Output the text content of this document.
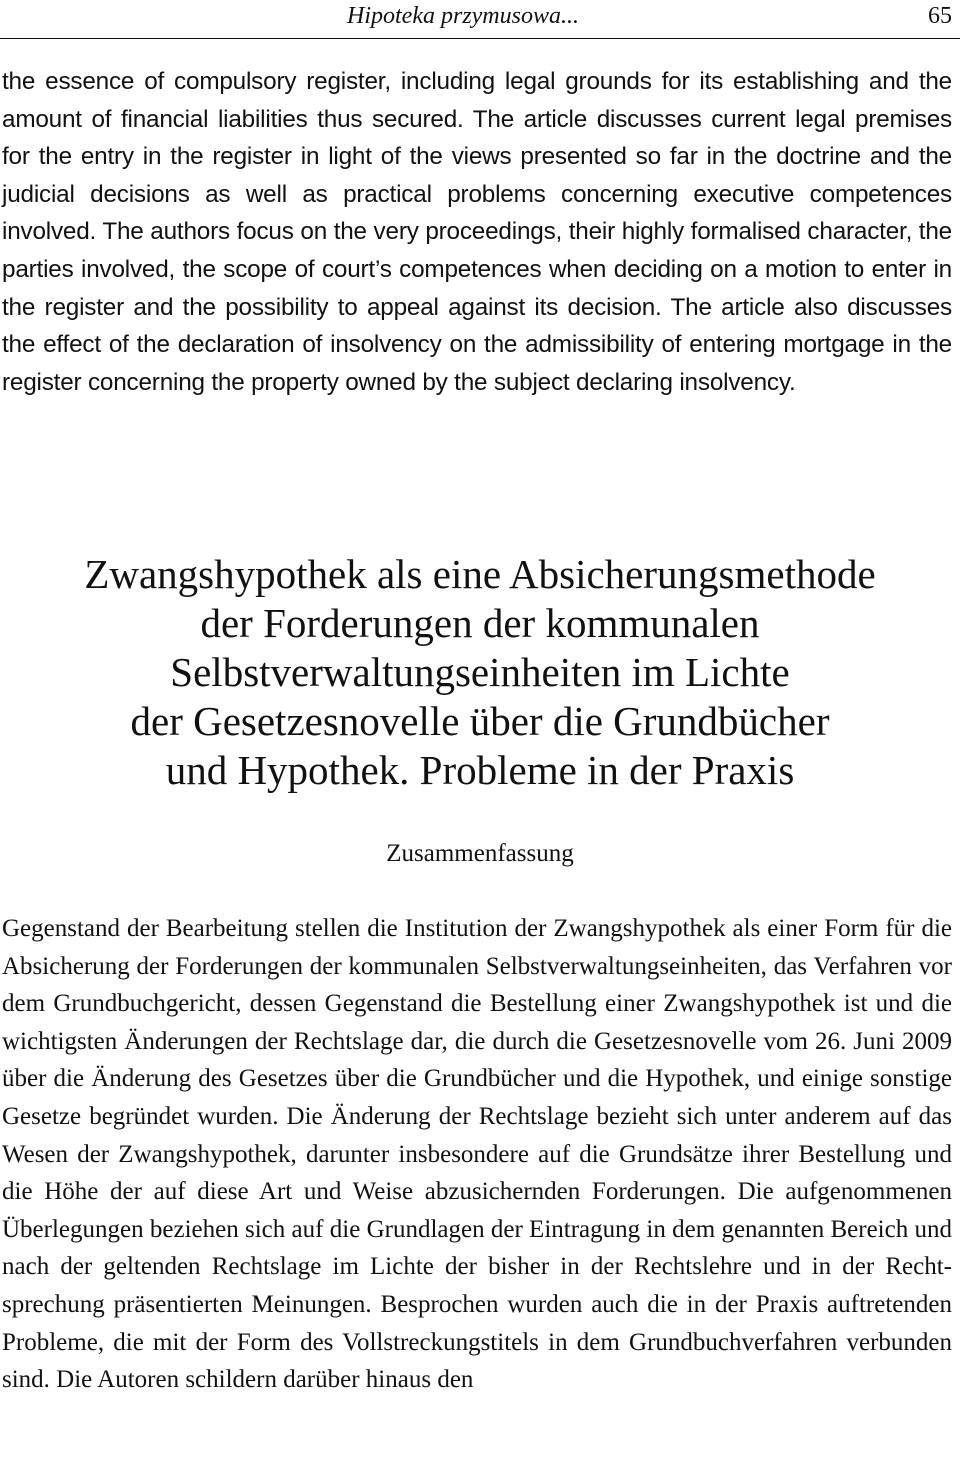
Hipoteka przymusowa...	65

the essence of compulsory register, including legal grounds for its establishing and the amount of financial liabilities thus secured. The article discusses current legal premises for the entry in the register in light of the views presented so far in the doctrine and the judicial decisions as well as practical problems concerning executive competences involved. The authors focus on the very proceedings, their highly formalised character, the parties involved, the scope of court’s competences when deciding on a motion to enter in the register and the possibility to appeal against its decision. The article also discusses the effect of the declaration of insolvency on the admissibility of entering mortgage in the register concerning the property owned by the subject declaring insolvency.

Zwangshypothek als eine Absicherungsmethode
der Forderungen der kommunalen
Selbstverwaltungseinheiten im Lichte
der Gesetzesnovelle über die Grundbücher
und Hypothek. Probleme in der Praxis
Zusammenfassung

Gegenstand der Bearbeitung stellen die Institution der Zwangshypothek als einer Form für die Absicherung der Forderungen der kommunalen Selbstverwaltungseinheiten, das Verfahren vor dem Grundbuchgericht, dessen Gegenstand die Bestellung einer Zwangshypothek ist und die wichtigsten Änderungen der Rechtslage dar, die durch die Gesetzesnovelle vom 26. Juni 2009 über die Änderung des Gesetzes über die Grundbücher und die Hypothek, und einige sonstige Gesetze begründet wurden. Die Änderung der Rechtslage bezieht sich unter anderem auf das Wesen der Zwangshypothek, darunter insbesondere auf die Grundsätze ihrer Bestellung und die Höhe der auf diese Art und Weise abzusichernden Forderungen. Die aufgenommenen Überlegungen beziehen sich auf die Grundlagen der Eintragung in dem genannten Bereich und nach der geltenden Rechtslage im Lichte der bisher in der Rechtslehre und in der Rechtsprechung präsentierten Meinungen. Besprochen wurden auch die in der Praxis auftretenden Probleme, die mit der Form des Vollstreckungstitels in dem Grundbuchverfahren verbunden sind. Die Autoren schildern darüber hinaus den
